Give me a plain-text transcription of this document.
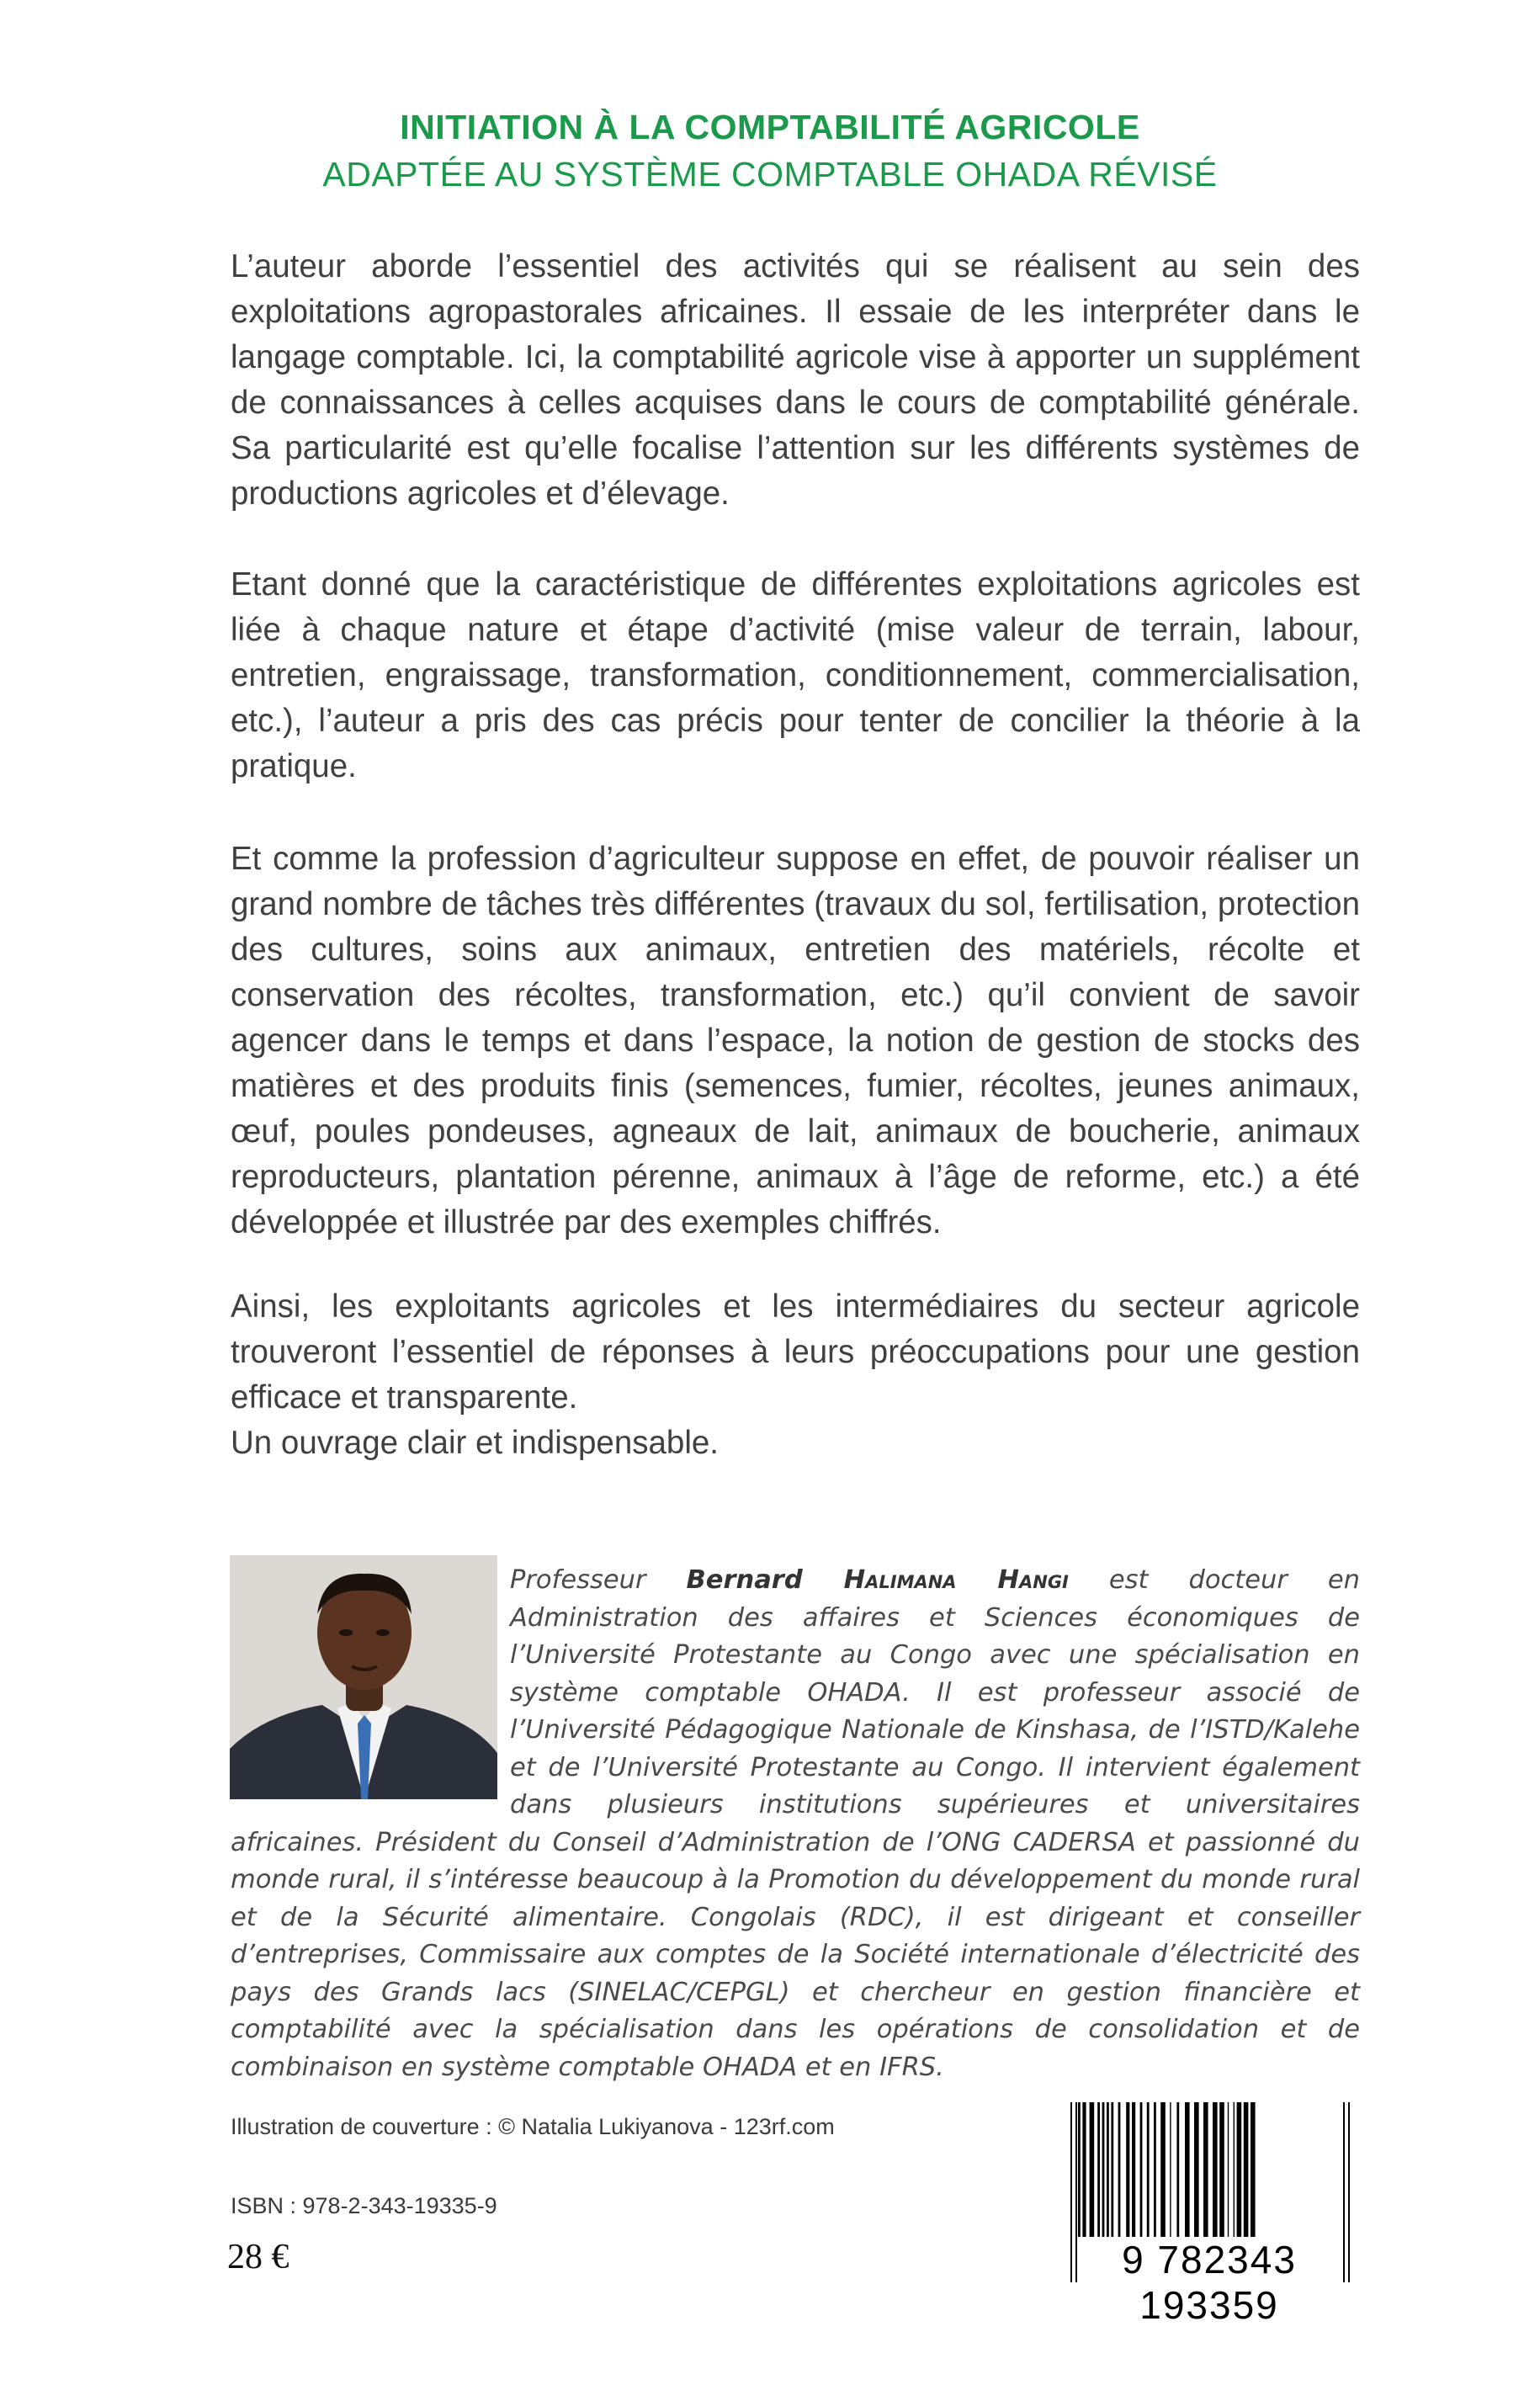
INITIATION À LA COMPTABILITÉ AGRICOLE
ADAPTÉE AU SYSTÈME COMPTABLE OHADA RÉVISÉ

L’auteur aborde l’essentiel des activités qui se réalisent au sein des exploitations agropastorales africaines. Il essaie de les interpréter dans le langage comptable. Ici, la comptabilité agricole vise à apporter un supplément de connaissances à celles acquises dans le cours de comptabilité générale. Sa particularité est qu’elle focalise l’attention sur les différents systèmes de productions agricoles et d’élevage.

Etant donné que la caractéristique de différentes exploitations agricoles est liée à chaque nature et étape d’activité (mise valeur de terrain, labour, entretien, engraissage, transformation, conditionnement, commercialisation, etc.), l’auteur a pris des cas précis pour tenter de concilier la théorie à la pratique.

Et comme la profession d’agriculteur suppose en effet, de pouvoir réaliser un grand nombre de tâches très différentes (travaux du sol, fertilisation, protection des cultures, soins aux animaux, entretien des matériels, récolte et conservation des récoltes, transformation, etc.) qu’il convient de savoir agencer dans le temps et dans l’espace, la notion de gestion de stocks des matières et des produits finis (semences, fumier, récoltes, jeunes animaux, œuf, poules pondeuses, agneaux de lait, animaux de boucherie, animaux reproducteurs, plantation pérenne, animaux à l’âge de reforme, etc.) a été développée et illustrée par des exemples chiffrés.

Ainsi, les exploitants agricoles et les intermédiaires du secteur agricole trouveront l’essentiel de réponses à leurs préoccupations pour une gestion efficace et transparente.

Un ouvrage clair et indispensable.

Professeur Bernard Halimana Hangi est docteur en Administration des affaires et Sciences économiques de l’Université Protestante au Congo avec une spécialisation en système comptable OHADA. Il est professeur associé de l’Université Pédagogique Nationale de Kinshasa, de l’ISTD/Kalehe et de l’Université Protestante au Congo. Il intervient également dans plusieurs institutions supérieures et universitaires africaines. Président du Conseil d’Administration de l’ONG CADERSA et passionné du monde rural, il s’intéresse beaucoup à la Promotion du développement du monde rural et de la Sécurité alimentaire. Congolais (RDC), il est dirigeant et conseiller d’entreprises, Commissaire aux comptes de la Société internationale d’électricité des pays des Grands lacs (SINELAC/CEPGL) et chercheur en gestion financière et comptabilité avec la spécialisation dans les opérations de consolidation et de combinaison en système comptable OHADA et en IFRS.
Illustration de couverture : © Natalia Lukiyanova - 123rf.com
ISBN : 978-2-343-19335-9
28 €	9 782343 193359
